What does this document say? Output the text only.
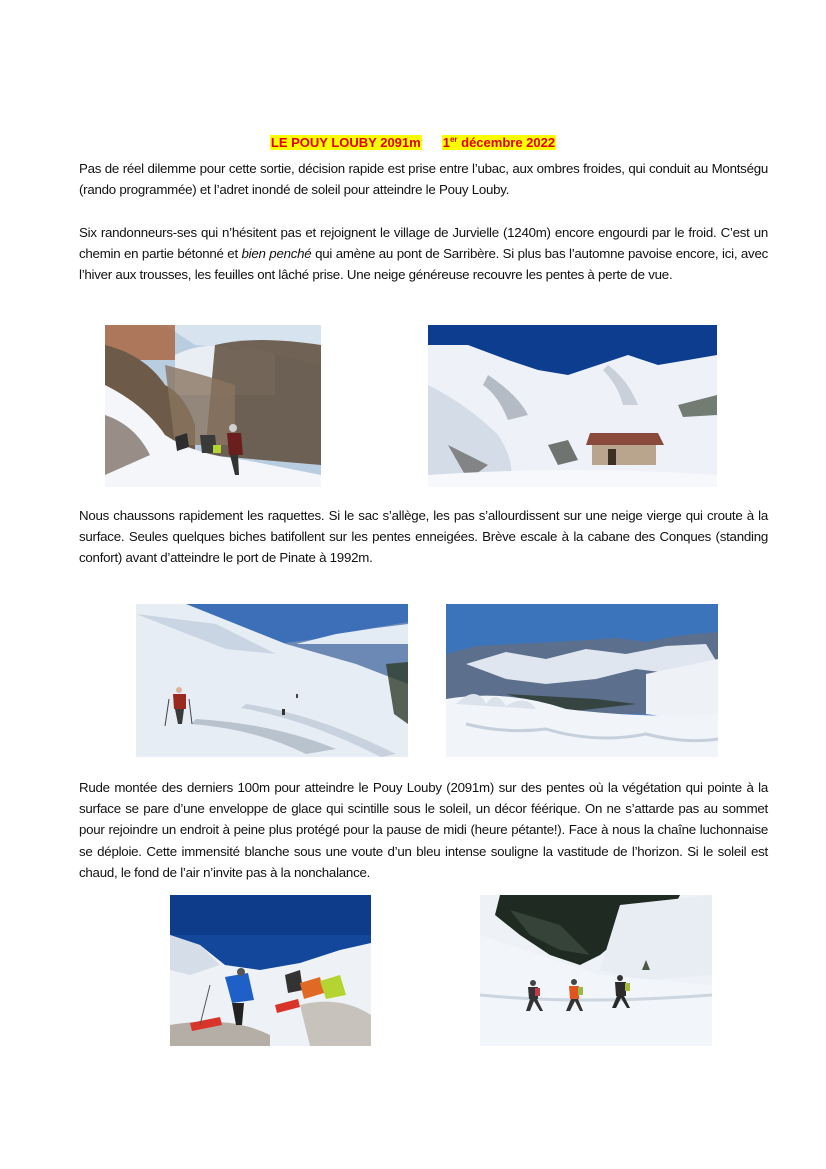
LE POUY LOUBY 2091m 1er décembre 2022

Pas de réel dilemme pour cette sortie, décision rapide est prise entre l’ubac, aux ombres froides, qui conduit au Montségu (rando programmée) et l’adret inondé de soleil pour atteindre le Pouy Louby.

Six randonneurs-ses qui n’hésitent pas et rejoignent le village de Jurvielle (1240m) encore engourdi par le froid. C’est un chemin en partie bétonné et bien penché qui amène au pont de Sarribère. Si plus bas l’automne pavoise encore, ici, avec l’hiver aux trousses, les feuilles ont lâché prise. Une neige généreuse recouvre les pentes à perte de vue.

Nous chaussons rapidement les raquettes. Si le sac s’allège, les pas s’allourdissent sur une neige vierge qui croute à la surface. Seules quelques biches batifollent sur les pentes enneigées. Brève escale à la cabane des Conques (standing confort) avant d’atteindre le port de Pinate à 1992m.

Rude montée des derniers 100m pour atteindre le Pouy Louby (2091m) sur des pentes où la végétation qui pointe à la surface se pare d’une enveloppe de glace qui scintille sous le soleil, un décor féérique. On ne s’attarde pas au sommet pour rejoindre un endroit à peine plus protégé pour la pause de midi (heure pétante!). Face à nous la chaîne luchonnaise se déploie. Cette immensité blanche sous une voute d’un bleu intense souligne la vastitude de l’horizon. Si le soleil est chaud, le fond de l’air n’invite pas à la nonchalance.
